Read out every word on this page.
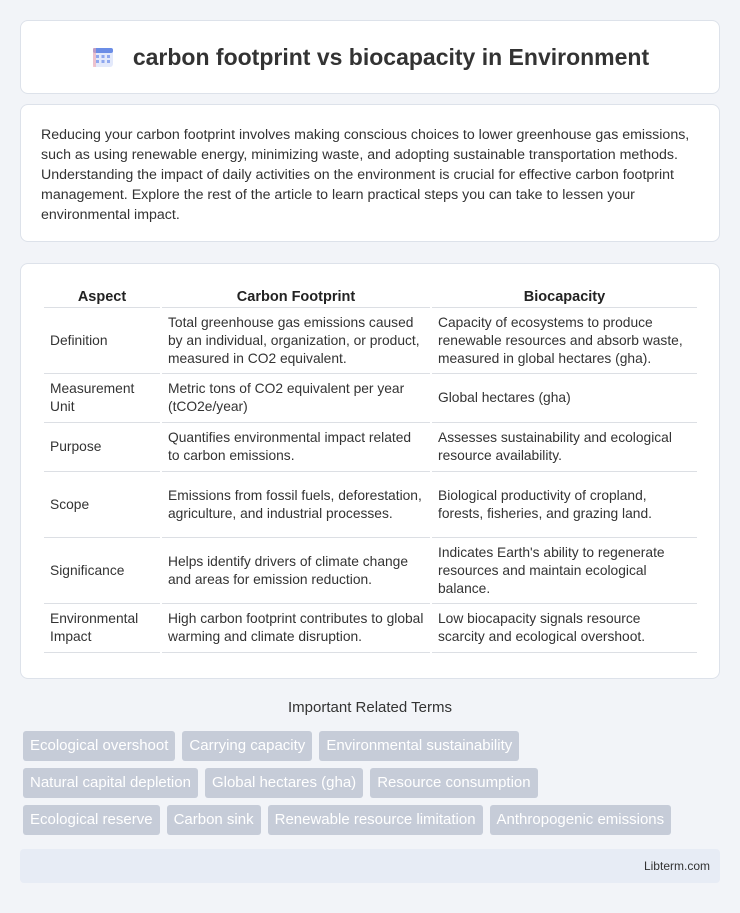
carbon footprint vs biocapacity in Environment

Reducing your carbon footprint involves making conscious choices to lower greenhouse gas emissions, such as using renewable energy, minimizing waste, and adopting sustainable transportation methods. Understanding the impact of daily activities on the environment is crucial for effective carbon footprint management. Explore the rest of the article to learn practical steps you can take to lessen your environmental impact.

Aspect	Carbon Footprint	Biocapacity
Definition	Total greenhouse gas emissions caused by an individual, organization, or product, measured in CO2 equivalent.	Capacity of ecosystems to produce renewable resources and absorb waste, measured in global hectares (gha).
Measurement Unit	Metric tons of CO2 equivalent per year (tCO2e/year)	Global hectares (gha)
Purpose	Quantifies environmental impact related to carbon emissions.	Assesses sustainability and ecological resource availability.
Scope	Emissions from fossil fuels, deforestation, agriculture, and industrial processes.	Biological productivity of cropland, forests, fisheries, and grazing land.
Significance	Helps identify drivers of climate change and areas for emission reduction.	Indicates Earth's ability to regenerate resources and maintain ecological balance.
Environmental Impact	High carbon footprint contributes to global warming and climate disruption.	Low biocapacity signals resource scarcity and ecological overshoot.
Important Related Terms
Ecological overshoot	Carrying capacity	Environmental sustainability
Natural capital depletion	Global hectares (gha)	Resource consumption
Ecological reserve	Carbon sink	Renewable resource limitation	Anthropogenic emissions
Libterm.com
